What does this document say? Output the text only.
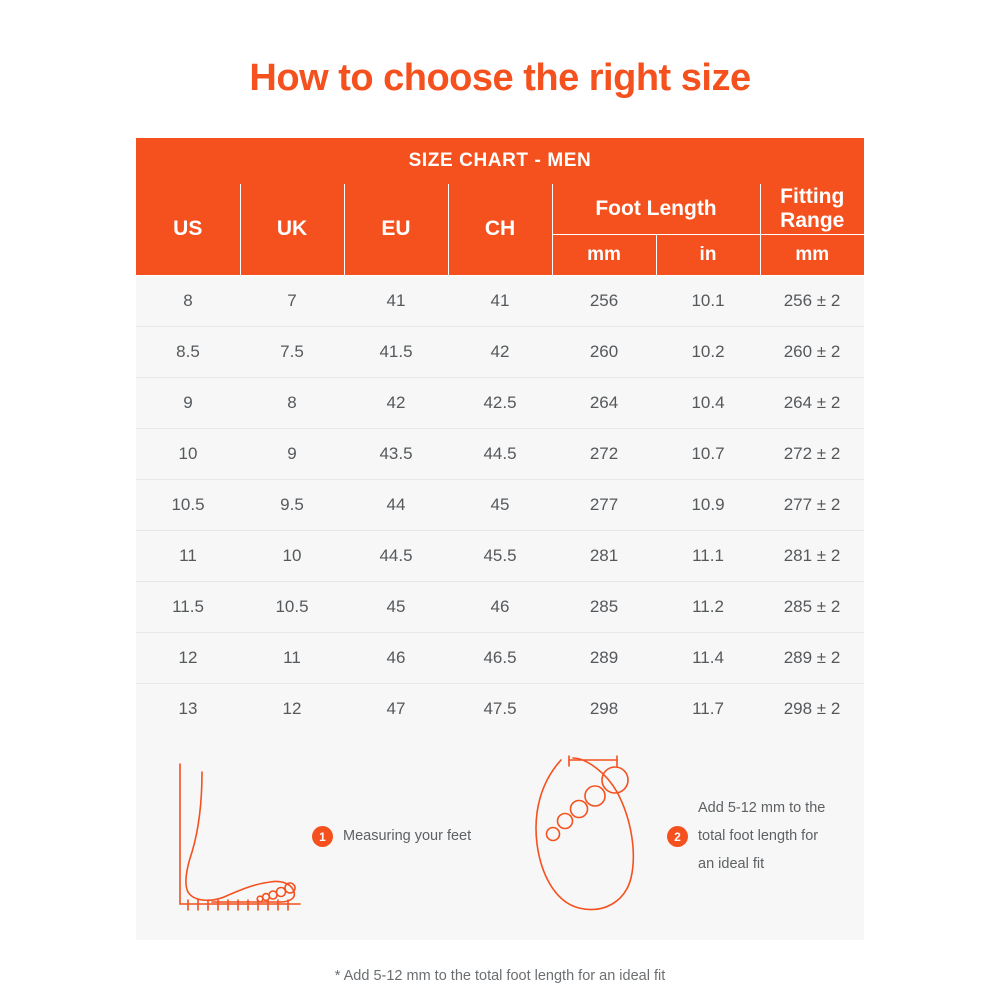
How to choose the right size
SIZE CHART - MEN						
US	UK	EU	CH	Foot Length		Fitting Range
				mm	in	mm
8	7	41	41	256	10.1	256 ± 2
8.5	7.5	41.5	42	260	10.2	260 ± 2
9	8	42	42.5	264	10.4	264 ± 2
10	9	43.5	44.5	272	10.7	272 ± 2
10.5	9.5	44	45	277	10.9	277 ± 2
11	10	44.5	45.5	281	11.1	281 ± 2
11.5	10.5	45	46	285	11.2	285 ± 2
12	11	46	46.5	289	11.4	289 ± 2
13	12	47	47.5	298	11.7	298 ± 2
1	Measuring your feet	2
Add 5-12 mm to the total foot length for an ideal fit
* Add 5-12 mm to the total foot length for an ideal fit
